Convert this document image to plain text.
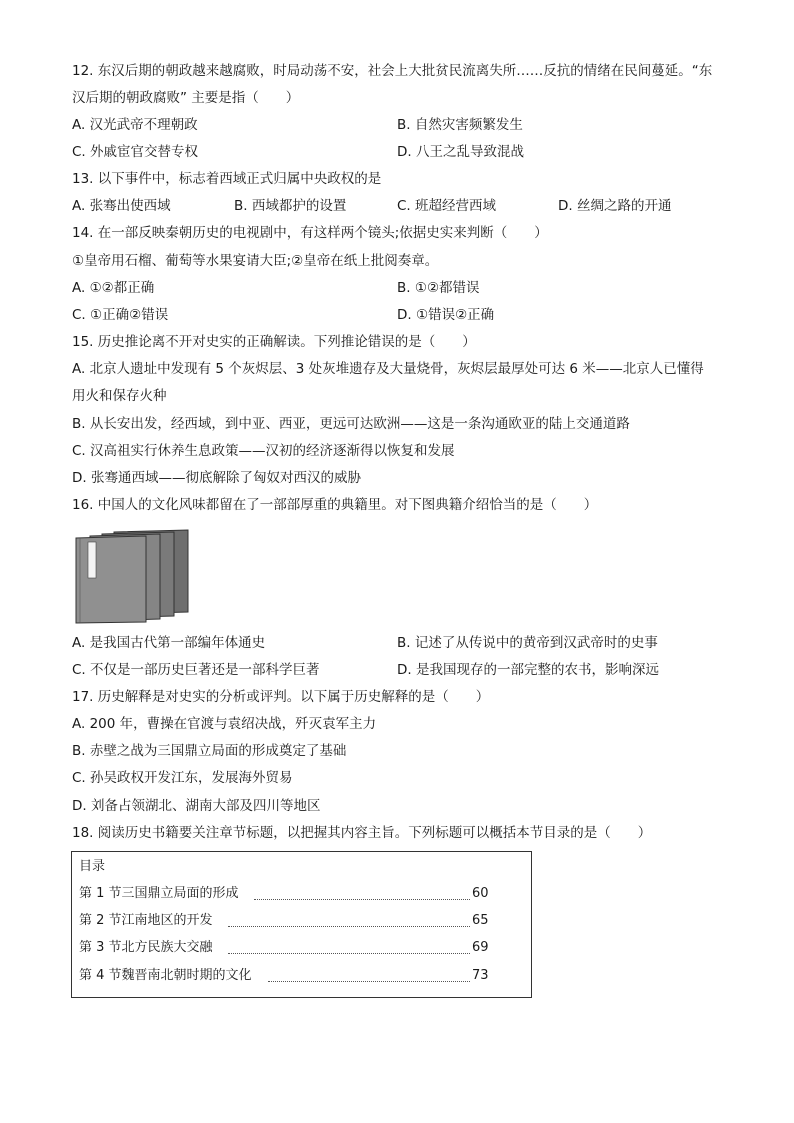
12. 东汉后期的朝政越来越腐败，时局动荡不安，社会上大批贫民流离失所……反抗的情绪在民间蔓延。“东
汉后期的朝政腐败” 主要是指（　　）
A. 汉光武帝不理朝政	B. 自然灾害频繁发生
C. 外戚宦官交替专权	D. 八王之乱导致混战
13. 以下事件中，标志着西域正式归属中央政权的是
A. 张骞出使西域	B. 西域都护的设置	C. 班超经营西域	D. 丝绸之路的开通
14. 在一部反映秦朝历史的电视剧中，有这样两个镜头;依据史实来判断（　　）
①皇帝用石榴、葡萄等水果宴请大臣;②皇帝在纸上批阅奏章。
A. ①②都正确	B. ①②都错误
C. ①正确②错误	D. ①错误②正确
15. 历史推论离不开对史实的正确解读。下列推论错误的是（　　）
A. 北京人遗址中发现有 5 个灰烬层、3 处灰堆遗存及大量烧骨，灰烬层最厚处可达 6 米——北京人已懂得
用火和保存火种
B. 从长安出发，经西域，到中亚、西亚，更远可达欧洲——这是一条沟通欧亚的陆上交通道路
C. 汉高祖实行休养生息政策——汉初的经济逐渐得以恢复和发展
D. 张骞通西域——彻底解除了匈奴对西汉的威胁
16. 中国人的文化风味都留在了一部部厚重的典籍里。对下图典籍介绍恰当的是（　　）
A. 是我国古代第一部编年体通史	B. 记述了从传说中的黄帝到汉武帝时的史事
C. 不仅是一部历史巨著还是一部科学巨著	D. 是我国现存的一部完整的农书，影响深远
17. 历史解释是对史实的分析或评判。以下属于历史解释的是（　　）
A. 200 年，曹操在官渡与袁绍决战，歼灭袁军主力
B. 赤壁之战为三国鼎立局面的形成奠定了基础
C. 孙吴政权开发江东，发展海外贸易
D. 刘备占领湖北、湖南大部及四川等地区
18. 阅读历史书籍要关注章节标题，以把握其内容主旨。下列标题可以概括本节目录的是（　　）
目录
第 1 节三国鼎立局面的形成	60
第 2 节江南地区的开发	65
第 3 节北方民族大交融	69
第 4 节魏晋南北朝时期的文化	73
